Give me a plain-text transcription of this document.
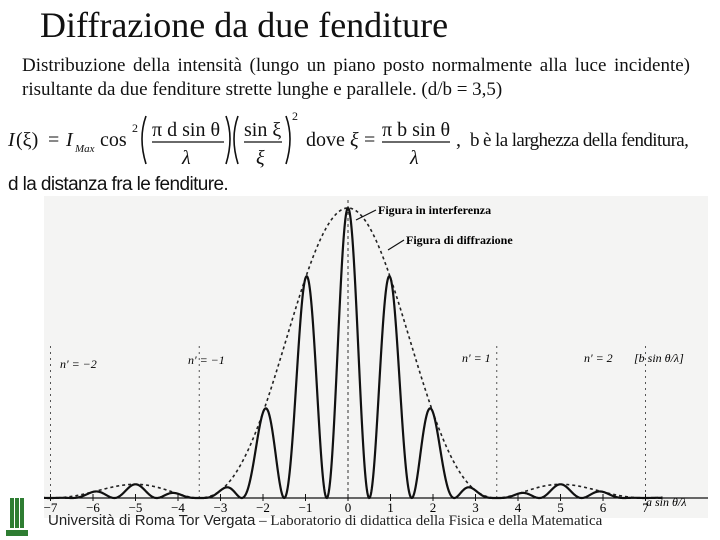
Diffrazione da due fenditure
Distribuzione della intensità (lungo un piano posto normalmente alla luce incidente) risultante da due fenditure strette lunghe e parallele. (d/b = 3,5)
I (ξ) = I Max cos
2 π d sin θ
λ
sin ξ
ξ
2
dove ξ = π b sin θ
λ
, b è la larghezza della fenditura,
d la distanza fra le fenditure.
−7 −6 −5 −4 −3 −2 −1 0	1	2	3	4	5	6	7
Figura in interferenza
Figura di diffrazione
n' = −2	n' = −1	n' = 1	n' = 2 [b sin θ/λ]
a sin θ/λ
Università di Roma Tor Vergata – Laboratorio di didattica della Fisica e della Matematica
